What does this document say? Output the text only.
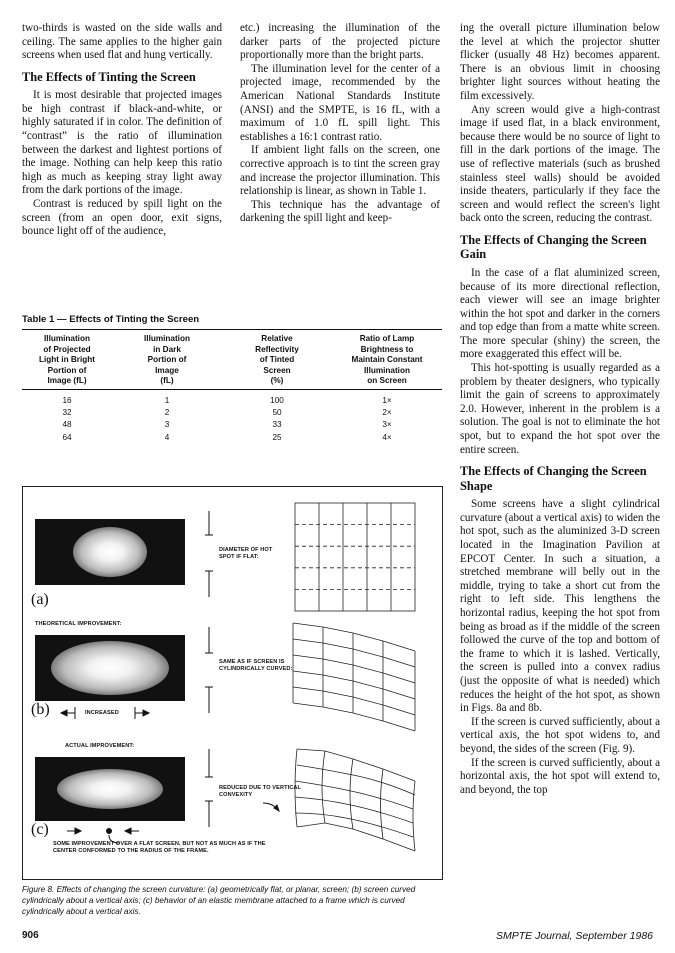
two-thirds is wasted on the side walls and ceiling. The same applies to the higher gain screens when used flat and hung vertically.

The Effects of Tinting the Screen

It is most desirable that projected images be high contrast if black-and-white, or highly saturated if in color. The definition of “contrast” is the ratio of illumination between the darkest and lightest portions of the image. Nothing can help keep this ratio high as much as keeping stray light away from the dark portions of the image.

Contrast is reduced by spill light on the screen (from an open door, exit signs, bounce light off of the audience,

etc.) increasing the illumination of the darker parts of the projected picture proportionally more than the bright parts.

The illumination level for the center of a projected image, recommended by the American National Standards Institute (ANSI) and the SMPTE, is 16 fL, with a maximum of 1.0 fL spill light. This establishes a 16:1 contrast ratio.

If ambient light falls on the screen, one corrective approach is to tint the screen gray and increase the projector illumination. This relationship is linear, as shown in Table 1.

This technique has the advantage of darkening the spill light and keep-

ing the overall picture illumination below the level at which the projector shutter flicker (usually 48 Hz) becomes apparent. There is an obvious limit in choosing brighter light sources without heating the film excessively.

Any screen would give a high-contrast image if used flat, in a black environment, because there would be no source of light to fill in the dark portions of the image. The use of reflective materials (such as brushed stainless steel walls) should be avoided inside theaters, particularly if they face the screen and would reflect the screen's light back onto the screen, reducing the contrast.

The Effects of Changing the Screen Gain

In the case of a flat aluminized screen, because of its more directional reflection, each viewer will see an image brighter within the hot spot and darker in the corners and top edge than from a matte white screen. The more specular (shiny) the screen, the more exaggerated this effect will be.

This hot-spotting is usually regarded as a problem by theater designers, who typically limit the gain of screens to approximately 2.0. However, inherent in the problem is a solution. The goal is not to eliminate the hot spot, but to expand the hot spot over the entire screen.

The Effects of Changing the Screen Shape

Some screens have a slight cylindrical curvature (about a vertical axis) to widen the hot spot, such as the aluminized 3-D screen located in the Imagination Pavilion at EPCOT Center. In such a situation, a stretched membrane will belly out in the middle, trying to take a short cut from the right to left side. This lengthens the horizontal radius, keeping the hot spot from being as broad as if the middle of the screen followed the curve of the top and bottom of the frame to which it is lashed. Vertically, the screen is pulled into a convex radius (just the opposite of what is needed) which reduces the height of the hot spot, as shown in Figs. 8a and 8b.

If the screen is curved sufficiently, about a vertical axis, the hot spot widens to, and beyond, the sides of the screen (Fig. 9).

If the screen is curved sufficiently, about a horizontal axis, the hot spot will extend to, and beyond, the top

Table 1 — Effects of Tinting the Screen
Illumination
of Projected
Light in Bright
Portion of
Image (fL)
Illumination
in Dark
Portion of
Image
(fL)
Relative
Reflectivity
of Tinted
Screen
(%)
Ratio of Lamp
Brightness to
Maintain Constant
Illumination
on Screen
16	1	100	1×
32	2	50	2×
48	3	33	3×
64	4	25	4×
(a)
DIAMETER OF HOT SPOT IF FLAT:
THEORETICAL IMPROVEMENT:
(b)	INCREASED
SAME AS IF SCREEN IS CYLINDRICALLY CURVED:
ACTUAL IMPROVEMENT:
(c)
REDUCED DUE TO VERTICAL CONVEXITY
SOME IMPROVEMENT OVER A FLAT SCREEN, BUT NOT AS MUCH AS IF THE CENTER CONFORMED TO THE RADIUS OF THE FRAME.
Figure 8. Effects of changing the screen curvature: (a) geometrically flat, or planar, screen; (b) screen curved cylindrically about a vertical axis; (c) behavior of an elastic membrane attached to a frame which is curved cylindrically about a vertical axis.
906	SMPTE Journal, September 1986
